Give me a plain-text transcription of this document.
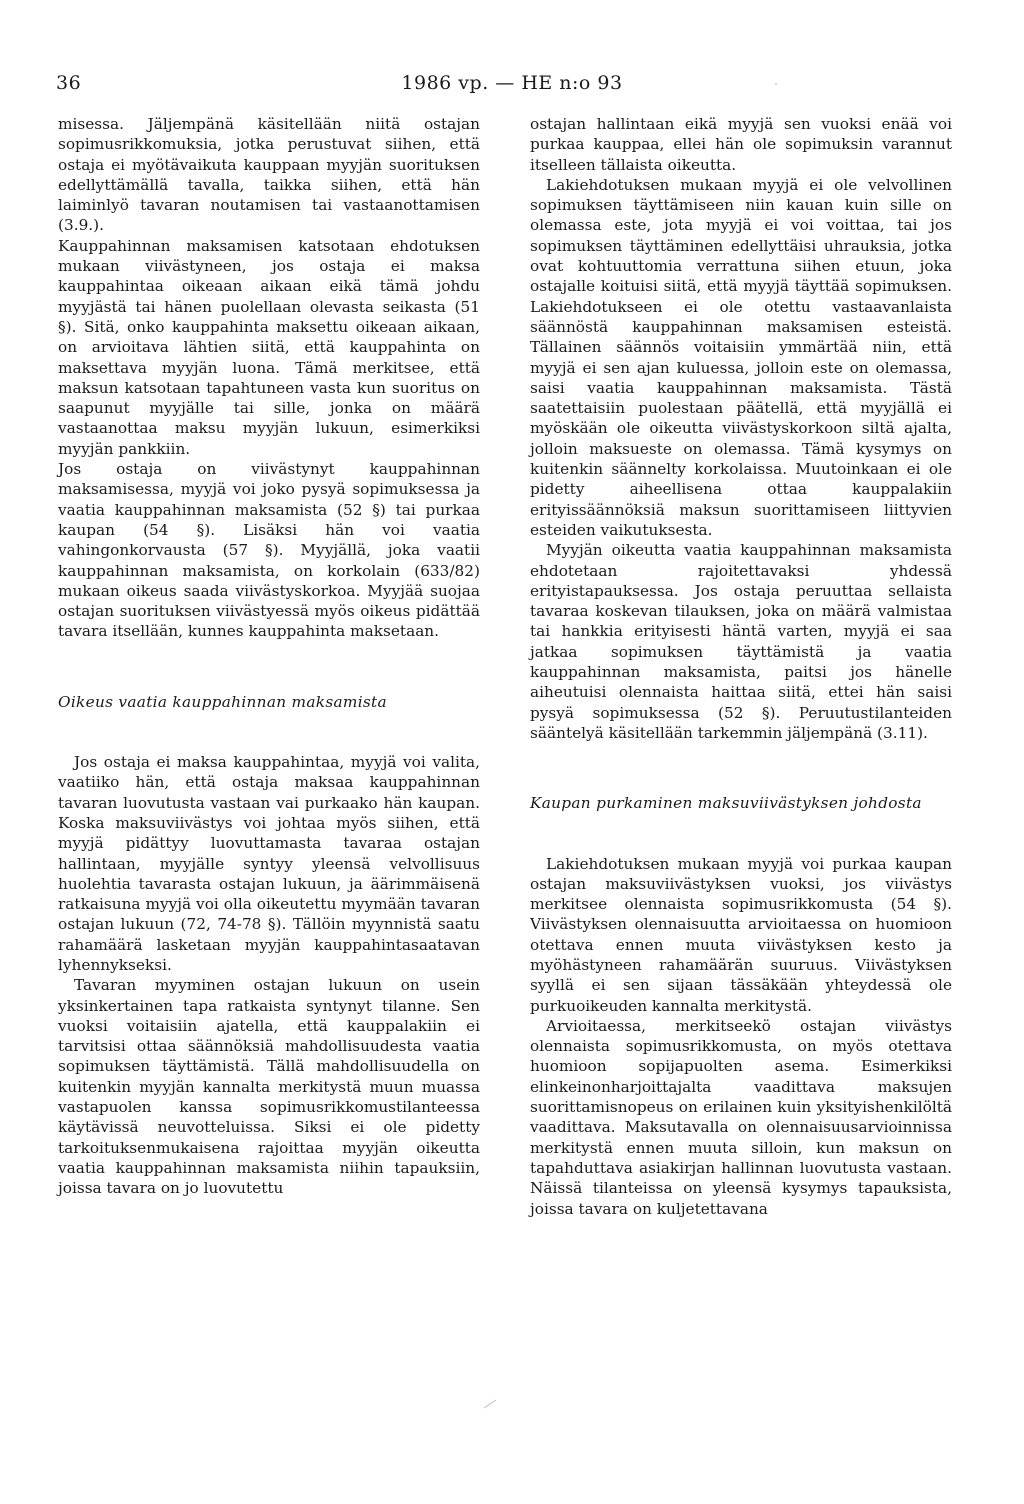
36	1986 vp. — HE n:o 93

misessa. Jäljempänä käsitellään niitä ostajan sopimusrikkomuksia, jotka perustuvat siihen, että ostaja ei myötävaikuta kauppaan myyjän suorituksen edellyttämällä tavalla, taikka siihen, että hän laiminlyö tavaran noutamisen tai vastaanottamisen (3.9.).

Kauppahinnan maksamisen katsotaan ehdotuksen mukaan viivästyneen, jos ostaja ei maksa kauppahintaa oikeaan aikaan eikä tämä johdu myyjästä tai hänen puolellaan olevasta seikasta (51 §). Sitä, onko kauppahinta maksettu oikeaan aikaan, on arvioitava lähtien siitä, että kauppahinta on maksettava myyjän luona. Tämä merkitsee, että maksun katsotaan tapahtuneen vasta kun suoritus on saapunut myyjälle tai sille, jonka on määrä vastaanottaa maksu myyjän lukuun, esimerkiksi myyjän pankkiin.

Jos ostaja on viivästynyt kauppahinnan maksamisessa, myyjä voi joko pysyä sopimuksessa ja vaatia kauppahinnan maksamista (52 §) tai purkaa kaupan (54 §). Lisäksi hän voi vaatia vahingonkorvausta (57 §). Myyjällä, joka vaatii kauppahinnan maksamista, on korkolain (633/82) mukaan oikeus saada viivästyskorkoa. Myyjää suojaa ostajan suorituksen viivästyessä myös oikeus pidättää tavara itsellään, kunnes kauppahinta maksetaan.

Oikeus vaatia kauppahinnan maksamista

Jos ostaja ei maksa kauppahintaa, myyjä voi valita, vaatiiko hän, että ostaja maksaa kauppahinnan tavaran luovutusta vastaan vai purkaako hän kaupan. Koska maksuviivästys voi johtaa myös siihen, että myyjä pidättyy luovuttamasta tavaraa ostajan hallintaan, myyjälle syntyy yleensä velvollisuus huolehtia tavarasta ostajan lukuun, ja äärimmäisenä ratkaisuna myyjä voi olla oikeutettu myymään tavaran ostajan lukuun (72, 74-78 §). Tällöin myynnistä saatu rahamäärä lasketaan myyjän kauppahintasaatavan lyhennykseksi.

Tavaran myyminen ostajan lukuun on usein yksinkertainen tapa ratkaista syntynyt tilanne. Sen vuoksi voitaisiin ajatella, että kauppalakiin ei tarvitsisi ottaa säännöksiä mahdollisuudesta vaatia sopimuksen täyttämistä. Tällä mahdollisuudella on kuitenkin myyjän kannalta merkitystä muun muassa vastapuolen kanssa sopimusrikkomustilanteessa käytävissä neuvotteluissa. Siksi ei ole pidetty tarkoituksenmukaisena rajoittaa myyjän oikeutta vaatia kauppahinnan maksamista niihin tapauksiin, joissa tavara on jo luovutettu

ostajan hallintaan eikä myyjä sen vuoksi enää voi purkaa kauppaa, ellei hän ole sopimuksin varannut itselleen tällaista oikeutta.

Lakiehdotuksen mukaan myyjä ei ole velvollinen sopimuksen täyttämiseen niin kauan kuin sille on olemassa este, jota myyjä ei voi voittaa, tai jos sopimuksen täyttäminen edellyttäisi uhrauksia, jotka ovat kohtuuttomia verrattuna siihen etuun, joka ostajalle koituisi siitä, että myyjä täyttää sopimuksen. Lakiehdotukseen ei ole otettu vastaavanlaista säännöstä kauppahinnan maksamisen esteistä. Tällainen säännös voitaisiin ymmärtää niin, että myyjä ei sen ajan kuluessa, jolloin este on olemassa, saisi vaatia kauppahinnan maksamista. Tästä saatettaisiin puolestaan päätellä, että myyjällä ei myöskään ole oikeutta viivästyskorkoon siltä ajalta, jolloin maksueste on olemassa. Tämä kysymys on kuitenkin säännelty korkolaissa. Muutoinkaan ei ole pidetty aiheellisena ottaa kauppalakiin erityissäännöksiä maksun suorittamiseen liittyvien esteiden vaikutuksesta.

Myyjän oikeutta vaatia kauppahinnan maksamista ehdotetaan rajoitettavaksi yhdessä erityistapauksessa. Jos ostaja peruuttaa sellaista tavaraa koskevan tilauksen, joka on määrä valmistaa tai hankkia erityisesti häntä varten, myyjä ei saa jatkaa sopimuksen täyttämistä ja vaatia kauppahinnan maksamista, paitsi jos hänelle aiheutuisi olennaista haittaa siitä, ettei hän saisi pysyä sopimuksessa (52 §). Peruutustilanteiden sääntelyä käsitellään tarkemmin jäljempänä (3.11).

Kaupan purkaminen maksuviivästyksen johdosta

Lakiehdotuksen mukaan myyjä voi purkaa kaupan ostajan maksuviivästyksen vuoksi, jos viivästys merkitsee olennaista sopimusrikkomusta (54 §). Viivästyksen olennaisuutta arvioitaessa on huomioon otettava ennen muuta viivästyksen kesto ja myöhästyneen rahamäärän suuruus. Viivästyksen syyllä ei sen sijaan tässäkään yhteydessä ole purkuoikeuden kannalta merkitystä.

Arvioitaessa, merkitseekö ostajan viivästys olennaista sopimusrikkomusta, on myös otettava huomioon sopijapuolten asema. Esimerkiksi elinkeinonharjoittajalta vaadittava maksujen suorittamisnopeus on erilainen kuin yksityishenkilöltä vaadittava. Maksutavalla on olennaisuusarvioinnissa merkitystä ennen muuta silloin, kun maksun on tapahduttava asiakirjan hallinnan luovutusta vastaan. Näissä tilanteissa on yleensä kysymys tapauksista, joissa tavara on kuljetettavana
